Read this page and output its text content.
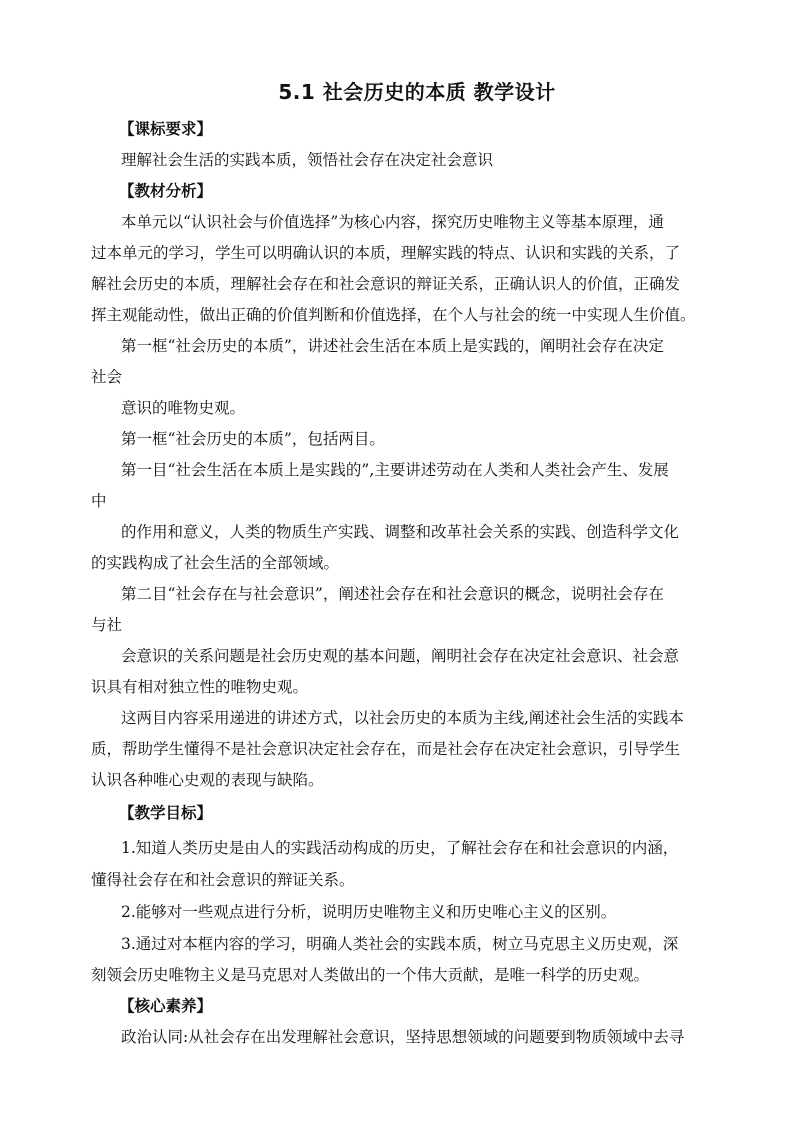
5.1 社会历史的本质 教学设计
【课标要求】
理解社会生活的实践本质，领悟社会存在决定社会意识
【教材分析】
本单元以“认识社会与价值选择”为核心内容，探究历史唯物主义等基本原理，通
过本单元的学习，学生可以明确认识的本质，理解实践的特点、认识和实践的关系，了
解社会历史的本质，理解社会存在和社会意识的辩证关系，正确认识人的价值，正确发
挥主观能动性，做出正确的价值判断和价值选择，在个人与社会的统一中实现人生价值。
第一框“社会历史的本质”，讲述社会生活在本质上是实践的，阐明社会存在决定
社会
意识的唯物史观。
第一框“社会历史的本质”，包括两目。
第一目“社会生活在本质上是实践的”,主要讲述劳动在人类和人类社会产生、发展
中
的作用和意义，人类的物质生产实践、调整和改革社会关系的实践、创造科学文化
的实践构成了社会生活的全部领域。
第二目“社会存在与社会意识”，阐述社会存在和社会意识的概念，说明社会存在
与社
会意识的关系问题是社会历史观的基本问题，阐明社会存在决定社会意识、社会意
识具有相对独立性的唯物史观。
这两目内容采用递进的讲述方式，以社会历史的本质为主线,阐述社会生活的实践本
质，帮助学生懂得不是社会意识决定社会存在，而是社会存在决定社会意识，引导学生
认识各种唯心史观的表现与缺陷。
【教学目标】
1.知道人类历史是由人的实践活动构成的历史，了解社会存在和社会意识的内涵，
懂得社会存在和社会意识的辩证关系。
2.能够对一些观点进行分析，说明历史唯物主义和历史唯心主义的区别。
3.通过对本框内容的学习，明确人类社会的实践本质，树立马克思主义历史观，深
刻领会历史唯物主义是马克思对人类做出的一个伟大贡献，是唯一科学的历史观。
【核心素养】
政治认同:从社会存在出发理解社会意识，坚持思想领域的问题要到物质领域中去寻
